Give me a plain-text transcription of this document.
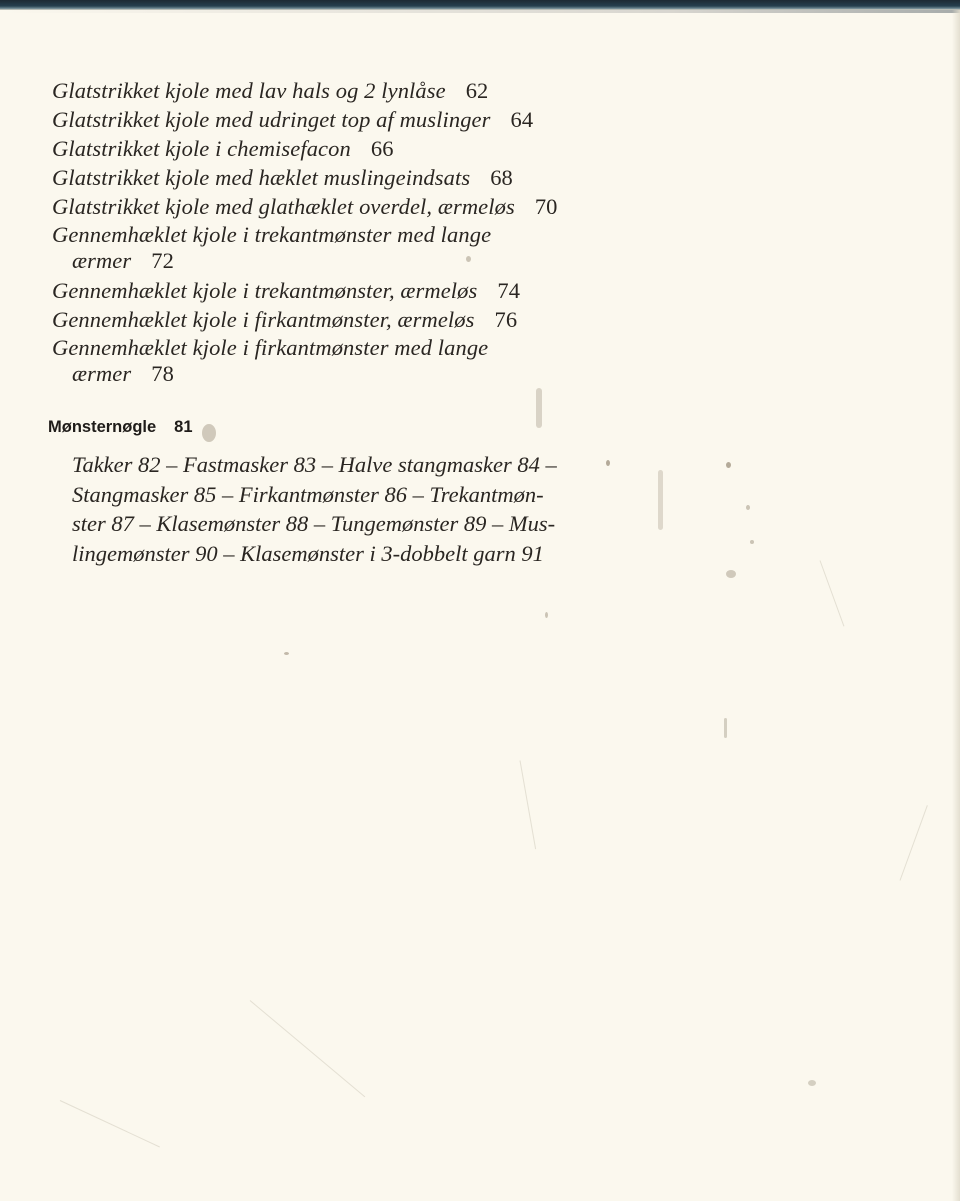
Glatstrikket kjole med lav hals og 2 lynlåse 62
Glatstrikket kjole med udringet top af muslinger 64
Glatstrikket kjole i chemisefacon 66
Glatstrikket kjole med hæklet muslingeindsats 68
Glatstrikket kjole med glathæklet overdel, ærmeløs 70
Gennemhæklet kjole i trekantmønster med lange
ærmer 72
Gennemhæklet kjole i trekantmønster, ærmeløs 74
Gennemhæklet kjole i firkantmønster, ærmeløs 76
Gennemhæklet kjole i firkantmønster med lange
ærmer 78
Mønsternøgle 81
Takker 82 – Fastmasker 83 – Halve stangmasker 84 –
Stangmasker 85 – Firkantmønster 86 – Trekantmøn-
ster 87 – Klasemønster 88 – Tungemønster 89 – Mus-
lingemønster 90 – Klasemønster i 3-dobbelt garn 91
